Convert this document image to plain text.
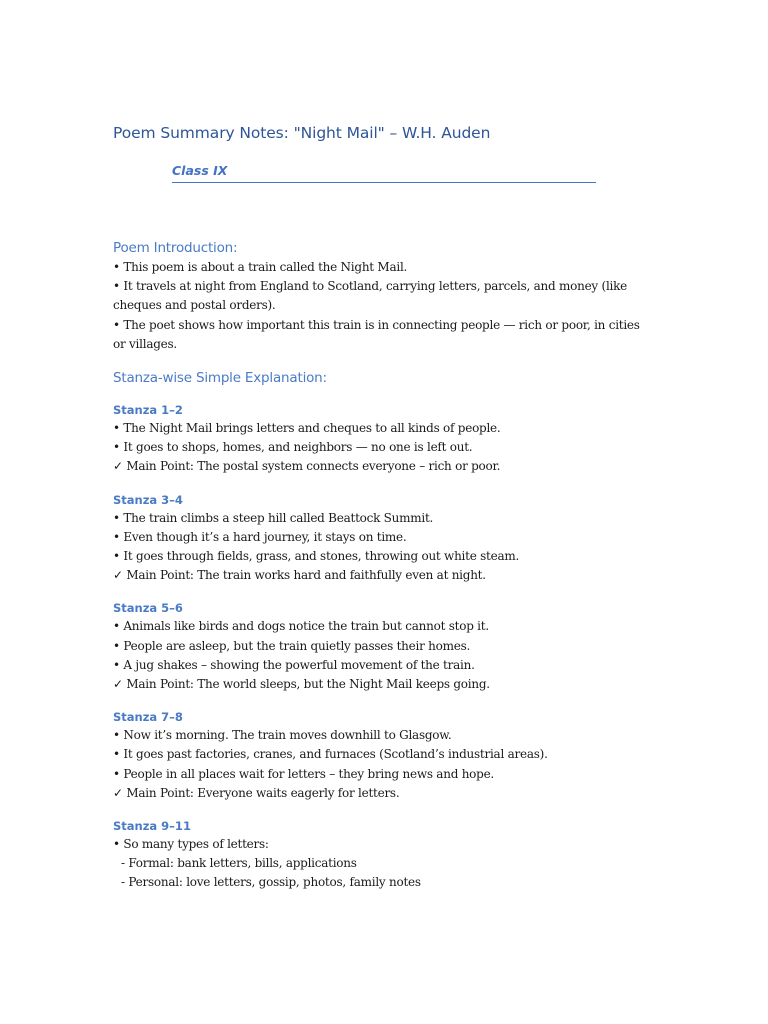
Poem Summary Notes: "Night Mail" – W.H. Auden
Class IX
Poem Introduction:

• This poem is about a train called the Night Mail.

• It travels at night from England to Scotland, carrying letters, parcels, and money (like cheques and postal orders).

• The poet shows how important this train is in connecting people — rich or poor, in cities or villages.

Stanza-wise Simple Explanation:
Stanza 1–2

• The Night Mail brings letters and cheques to all kinds of people.

• It goes to shops, homes, and neighbors — no one is left out.

✓ Main Point: The postal system connects everyone – rich or poor.

Stanza 3–4

• The train climbs a steep hill called Beattock Summit.

• Even though it’s a hard journey, it stays on time.

• It goes through fields, grass, and stones, throwing out white steam.

✓ Main Point: The train works hard and faithfully even at night.

Stanza 5–6

• Animals like birds and dogs notice the train but cannot stop it.

• People are asleep, but the train quietly passes their homes.

• A jug shakes – showing the powerful movement of the train.

✓ Main Point: The world sleeps, but the Night Mail keeps going.

Stanza 7–8

• Now it’s morning. The train moves downhill to Glasgow.

• It goes past factories, cranes, and furnaces (Scotland’s industrial areas).

• People in all places wait for letters – they bring news and hope.

✓ Main Point: Everyone waits eagerly for letters.

Stanza 9–11

• So many types of letters:

- Formal: bank letters, bills, applications

- Personal: love letters, gossip, photos, family notes
